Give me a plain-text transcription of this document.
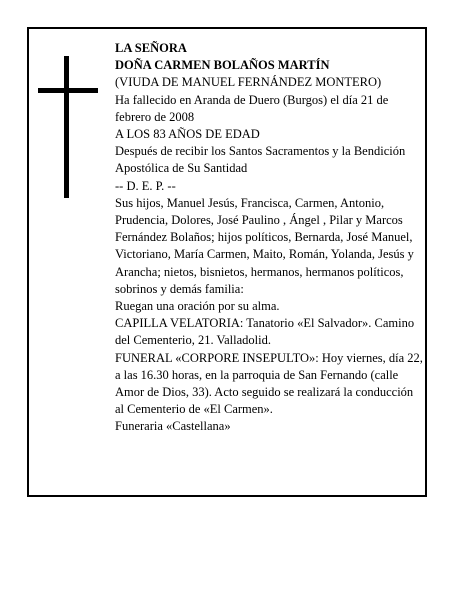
LA SEÑORA

DOÑA CARMEN BOLAÑOS MARTÍN

(VIUDA DE MANUEL FERNÁNDEZ MONTERO)

Ha fallecido en Aranda de Duero (Burgos) el día 21 de febrero de 2008

A LOS 83 AÑOS DE EDAD

Después de recibir los Santos Sacramentos y la Bendición Apostólica de Su Santidad

-- D. E. P. --

Sus hijos, Manuel Jesús, Francisca, Carmen, Antonio, Prudencia, Dolores, José Paulino , Ángel , Pilar y Marcos Fernández Bolaños; hijos políticos, Bernarda, José Manuel, Victoriano, María Carmen, Maito, Román, Yolanda, Jesús y Arancha; nietos, bisnietos, hermanos, hermanos políticos, sobrinos y demás familia:

Ruegan una oración por su alma.

CAPILLA VELATORIA: Tanatorio «El Salvador». Camino del Cementerio, 21. Valladolid.

FUNERAL «CORPORE INSEPULTO»: Hoy viernes, día 22, a las 16.30 horas, en la parroquia de San Fernando (calle Amor de Dios, 33). Acto seguido se realizará la conducción al Cementerio de «El Carmen».

Funeraria «Castellana»
